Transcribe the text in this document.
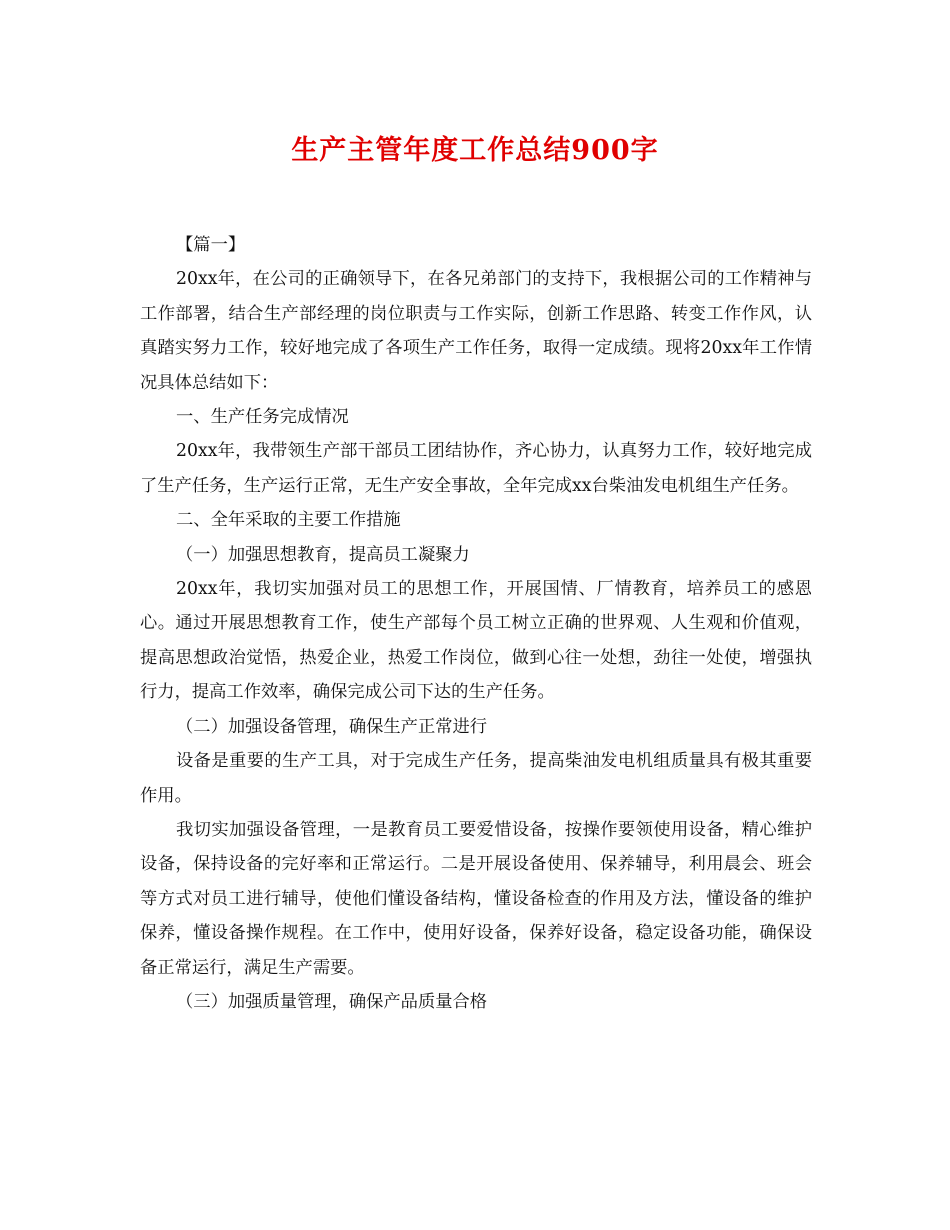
生产主管年度工作总结900字

【篇一】

20xx年，在公司的正确领导下，在各兄弟部门的支持下，我根据公司的工作精神与工作部署，结合生产部经理的岗位职责与工作实际，创新工作思路、转变工作作风，认真踏实努力工作，较好地完成了各项生产工作任务，取得一定成绩。现将20xx年工作情况具体总结如下：

一、生产任务完成情况

20xx年，我带领生产部干部员工团结协作，齐心协力，认真努力工作，较好地完成了生产任务，生产运行正常，无生产安全事故，全年完成xx台柴油发电机组生产任务。

二、全年采取的主要工作措施

（一）加强思想教育，提高员工凝聚力

20xx年，我切实加强对员工的思想工作，开展国情、厂情教育，培养员工的感恩心。通过开展思想教育工作，使生产部每个员工树立正确的世界观、人生观和价值观，提高思想政治觉悟，热爱企业，热爱工作岗位，做到心往一处想，劲往一处使，增强执行力，提高工作效率，确保完成公司下达的生产任务。

（二）加强设备管理，确保生产正常进行

设备是重要的生产工具，对于完成生产任务，提高柴油发电机组质量具有极其重要作用。

我切实加强设备管理，一是教育员工要爱惜设备，按操作要领使用设备，精心维护设备，保持设备的完好率和正常运行。二是开展设备使用、保养辅导，利用晨会、班会等方式对员工进行辅导，使他们懂设备结构，懂设备检查的作用及方法，懂设备的维护保养，懂设备操作规程。在工作中，使用好设备，保养好设备，稳定设备功能，确保设备正常运行，满足生产需要。

（三）加强质量管理，确保产品质量合格
